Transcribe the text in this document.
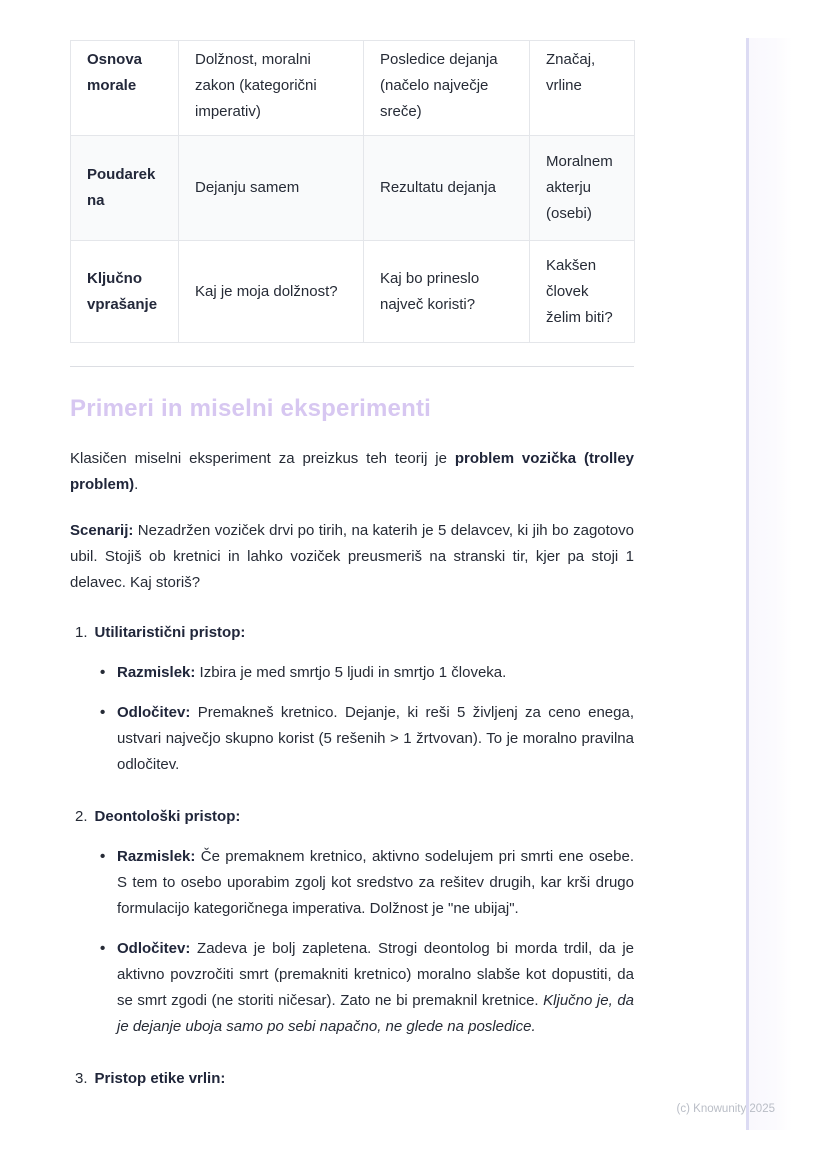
Osnova morale	Dolžnost, moralni zakon (kategorični imperativ)	Posledice dejanja (načelo največje sreče)	Značaj, vrline
Poudarek na	Dejanju samem	Rezultatu dejanja	Moralnem akterju (osebi)
Ključno vprašanje	Kaj je moja dolžnost?	Kaj bo prineslo največ koristi?	Kakšen človek želim biti?
Primeri in miselni eksperimenti

Klasičen miselni eksperiment za preizkus teh teorij je problem vozička (trolley problem).

Scenarij: Nezadržen voziček drvi po tirih, na katerih je 5 delavcev, ki jih bo zagotovo ubil. Stojiš ob kretnici in lahko voziček preusmeriš na stranski tir, kjer pa stoji 1 delavec. Kaj storiš?

1. Utilitaristični pristop:
• Razmislek: Izbira je med smrtjo 5 ljudi in smrtjo 1 človeka.
• Odločitev: Premakneš kretnico. Dejanje, ki reši 5 življenj za ceno enega, ustvari največjo skupno korist (5 rešenih > 1 žrtvovan). To je moralno pravilna odločitev.
2. Deontološki pristop:
• Razmislek: Če premaknem kretnico, aktivno sodelujem pri smrti ene osebe. S tem to osebo uporabim zgolj kot sredstvo za rešitev drugih, kar krši drugo formulacijo kategoričnega imperativa. Dolžnost je "ne ubijaj".
• Odločitev: Zadeva je bolj zapletena. Strogi deontolog bi morda trdil, da je aktivno povzročiti smrt (premakniti kretnico) moralno slabše kot dopustiti, da se smrt zgodi (ne storiti ničesar). Zato ne bi premaknil kretnice. Ključno je, da je dejanje uboja samo po sebi napačno, ne glede na posledice.
3. Pristop etike vrlin:
(c) Knowunity 2025
